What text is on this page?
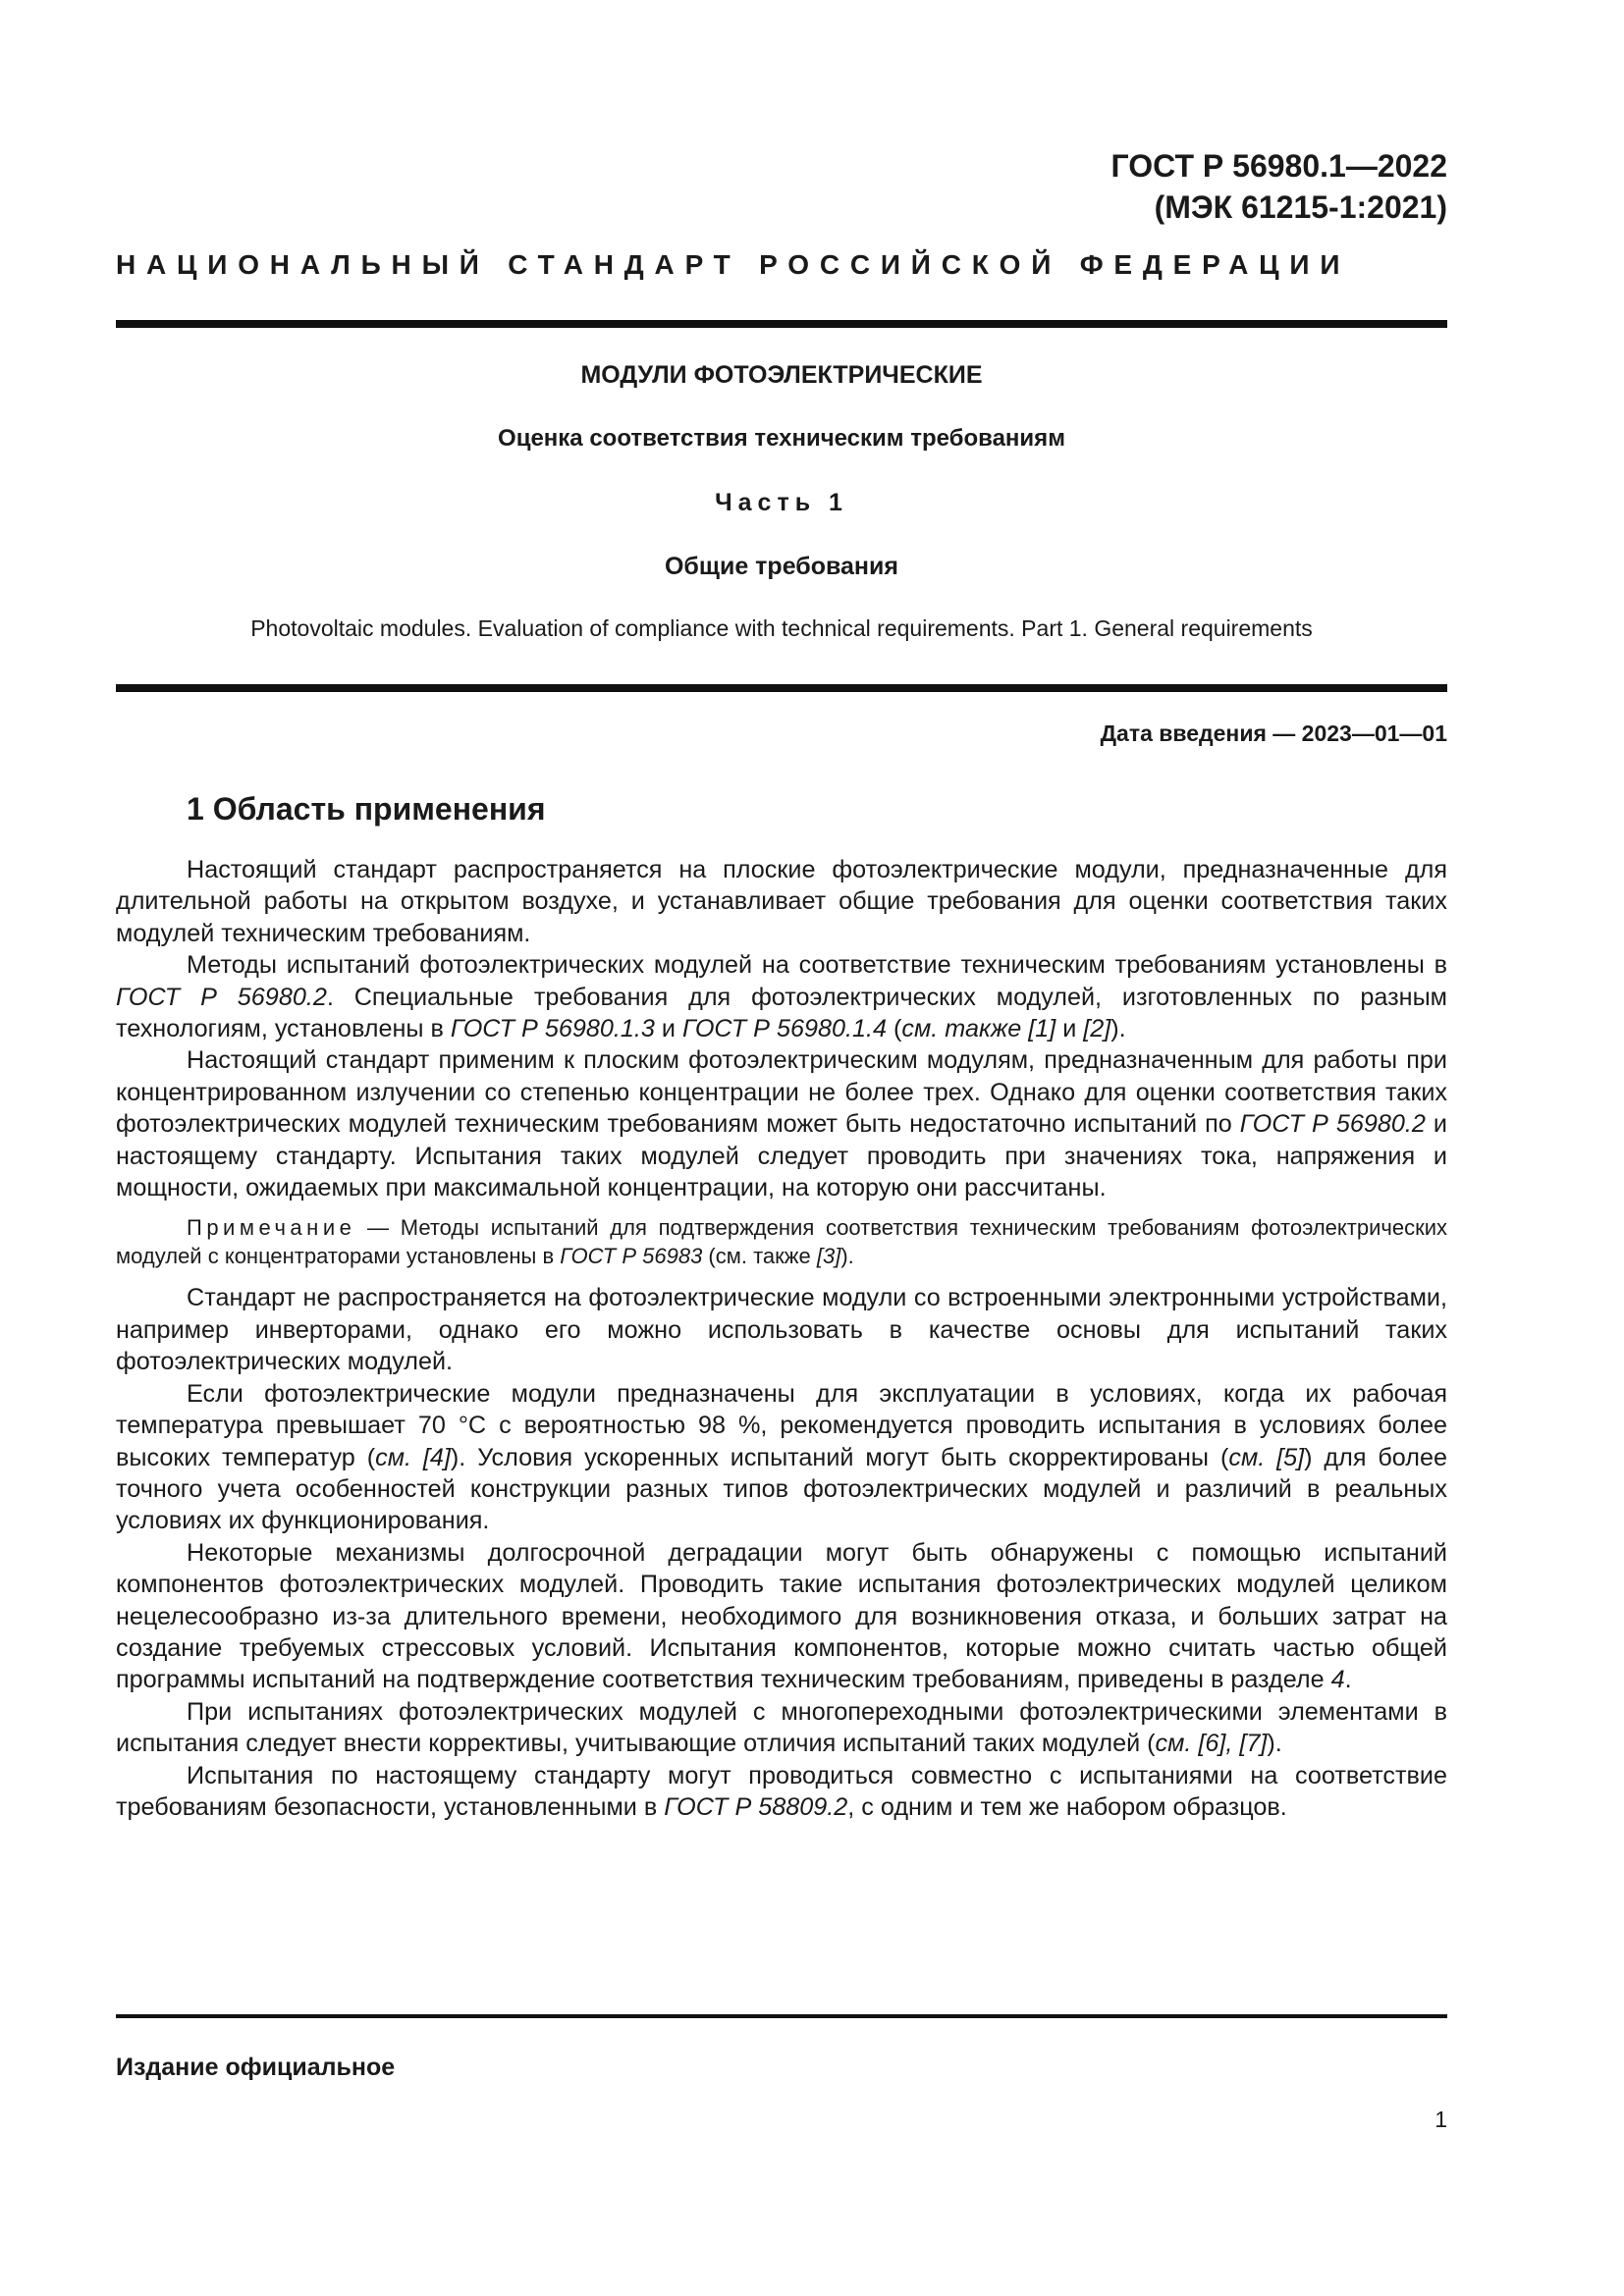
ГОСТ Р 56980.1—2022
(МЭК 61215-1:2021)
НАЦИОНАЛЬНЫЙ СТАНДАРТ РОССИЙСКОЙ ФЕДЕРАЦИИ
МОДУЛИ ФОТОЭЛЕКТРИЧЕСКИЕ
Оценка соответствия техническим требованиям
Часть 1
Общие требования
Photovoltaic modules. Evaluation of compliance with technical requirements. Part 1. General requirements
Дата введения — 2023—01—01
1 Область применения

Настоящий стандарт распространяется на плоские фотоэлектрические модули, предназначенные для длительной работы на открытом воздухе, и устанавливает общие требования для оценки соответствия таких модулей техническим требованиям.

Методы испытаний фотоэлектрических модулей на соответствие техническим требованиям установлены в ГОСТ Р 56980.2. Специальные требования для фотоэлектрических модулей, изготовленных по разным технологиям, установлены в ГОСТ Р 56980.1.3 и ГОСТ Р 56980.1.4 (см. также [1] и [2]).

Настоящий стандарт применим к плоским фотоэлектрическим модулям, предназначенным для работы при концентрированном излучении со степенью концентрации не более трех. Однако для оценки соответствия таких фотоэлектрических модулей техническим требованиям может быть недостаточно испытаний по ГОСТ Р 56980.2 и настоящему стандарту. Испытания таких модулей следует проводить при значениях тока, напряжения и мощности, ожидаемых при максимальной концентрации, на которую они рассчитаны.

Примечание — Методы испытаний для подтверждения соответствия техническим требованиям фотоэлектрических модулей с концентраторами установлены в ГОСТ Р 56983 (см. также [3]).

Стандарт не распространяется на фотоэлектрические модули со встроенными электронными устройствами, например инверторами, однако его можно использовать в качестве основы для испытаний таких фотоэлектрических модулей.

Если фотоэлектрические модули предназначены для эксплуатации в условиях, когда их рабочая температура превышает 70 °С с вероятностью 98 %, рекомендуется проводить испытания в условиях более высоких температур (см. [4]). Условия ускоренных испытаний могут быть скорректированы (см. [5]) для более точного учета особенностей конструкции разных типов фотоэлектрических модулей и различий в реальных условиях их функционирования.

Некоторые механизмы долгосрочной деградации могут быть обнаружены с помощью испытаний компонентов фотоэлектрических модулей. Проводить такие испытания фотоэлектрических модулей целиком нецелесообразно из-за длительного времени, необходимого для возникновения отказа, и больших затрат на создание требуемых стрессовых условий. Испытания компонентов, которые можно считать частью общей программы испытаний на подтверждение соответствия техническим требованиям, приведены в разделе 4.

При испытаниях фотоэлектрических модулей с многопереходными фотоэлектрическими элементами в испытания следует внести коррективы, учитывающие отличия испытаний таких модулей (см. [6], [7]).

Испытания по настоящему стандарту могут проводиться совместно с испытаниями на соответствие требованиям безопасности, установленными в ГОСТ Р 58809.2, с одним и тем же набором образцов.

Издание официальное
1
